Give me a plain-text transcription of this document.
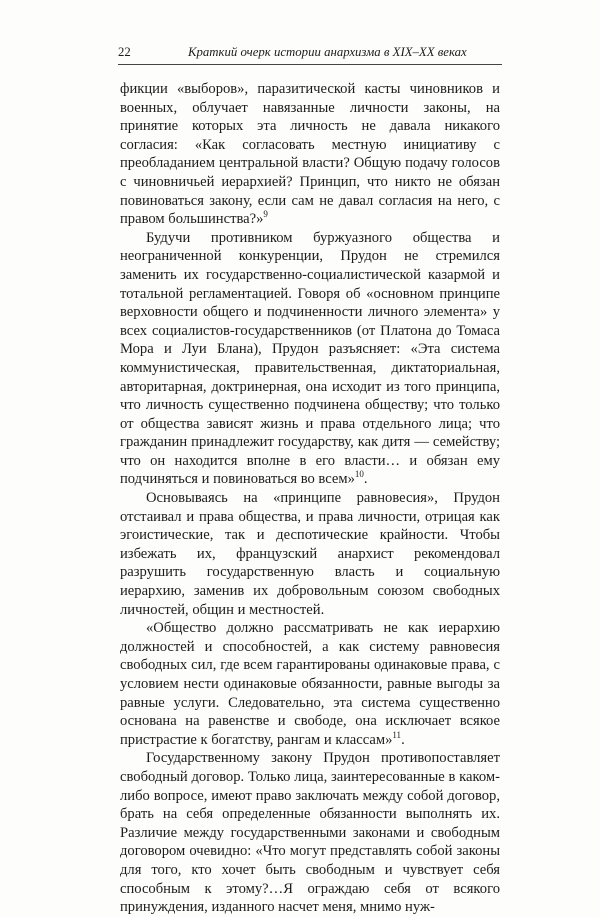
22	Краткий очерк истории анархизма в XIX–XX веках

фикции «выборов», паразитической касты чиновников и военных, облучает навязанные личности законы, на принятие которых эта личность не давала никакого согласия: «Как согласовать местную инициативу с преобладанием центральной власти? Общую подачу голосов с чиновничьей иерархией? Принцип, что никто не обязан повиноваться закону, если сам не давал согласия на него, с правом большинства?»$^9$

Будучи противником буржуазного общества и неограниченной конкуренции, Прудон не стремился заменить их государственно-социалистической казармой и тотальной регламентацией. Говоря об «основном принципе верховности общего и подчиненности личного элемента» у всех социалистов-государственников (от Платона до Томаса Мора и Луи Блана), Прудон разъясняет: «Эта система коммунистическая, правительственная, диктаториальная, авторитарная, доктринерная, она исходит из того принципа, что личность существенно подчинена обществу; что только от общества зависят жизнь и права отдельного лица; что гражданин принадлежит государству, как дитя — семейству; что он находится вполне в его власти… и обязан ему подчиняться и повиноваться во всем»$^{10}$.

Основываясь на «принципе равновесия», Прудон отстаивал и права общества, и права личности, отрицая как эгоистические, так и деспотические крайности. Чтобы избежать их, французский анархист рекомендовал разрушить государственную власть и социальную иерархию, заменив их добровольным союзом свободных личностей, общин и местностей.

«Общество должно рассматривать не как иерархию должностей и способностей, а как систему равновесия свободных сил, где всем гарантированы одинаковые права, с условием нести одинаковые обязанности, равные выгоды за равные услуги. Следовательно, эта система существенно основана на равенстве и свободе, она исключает всякое пристрастие к богатству, рангам и классам»$^{11}$.

Государственному закону Прудон противопоставляет свободный договор. Только лица, заинтересованные в каком-либо вопросе, имеют право заключать между собой договор, брать на себя определенные обязанности выполнять их. Различие между государственными законами и свободным договором очевидно: «Что могут представлять собой законы для того, кто хочет быть свободным и чувствует себя способным к этому?…Я ограждаю себя от всякого принуждения, изданного насчет меня, мнимо нуж-
